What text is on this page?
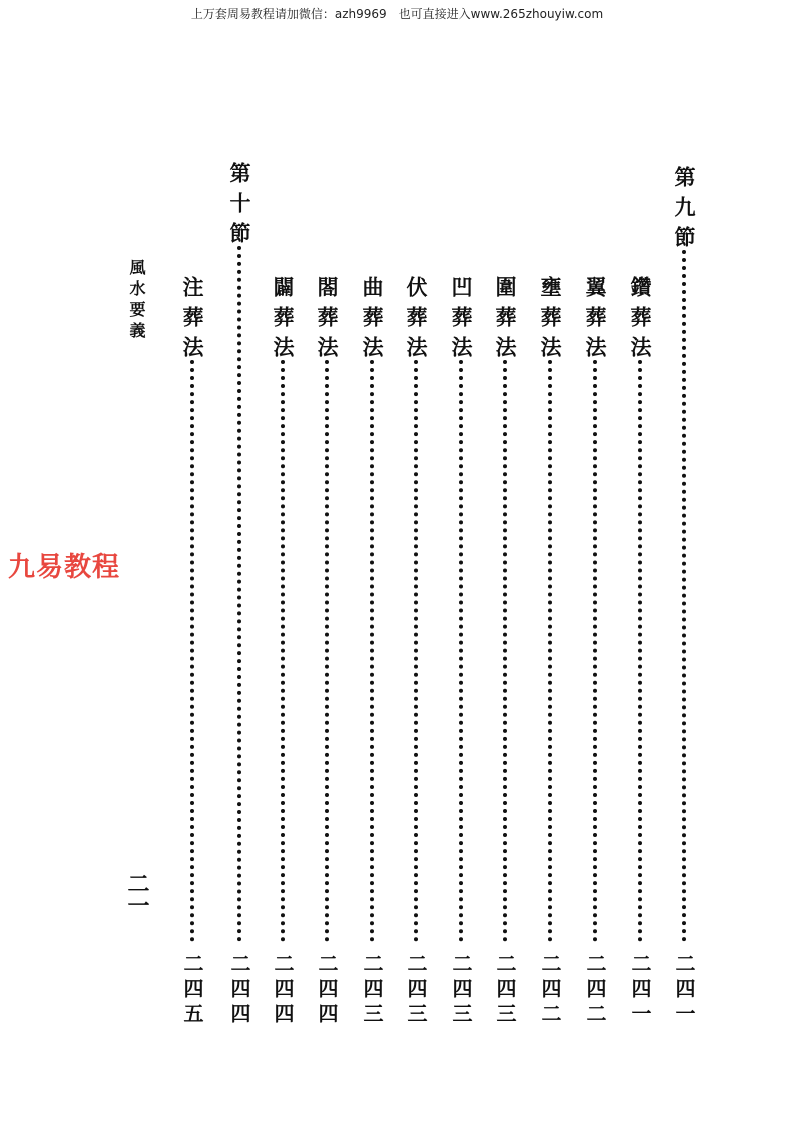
上万套周易教程请加微信：azh9969　也可直接进入www.265zhouyiw.com
第九節
二四一
鑽葬法
二四一
翼葬法
二四二
壅葬法
二四二
圍葬法
二四三
凹葬法
二四三
伏葬法
二四三
曲葬法
二四三
閤葬法
二四四
闢葬法
二四四
第十節
二四四
注葬法
二四五
風水要義
二一
九易教程
